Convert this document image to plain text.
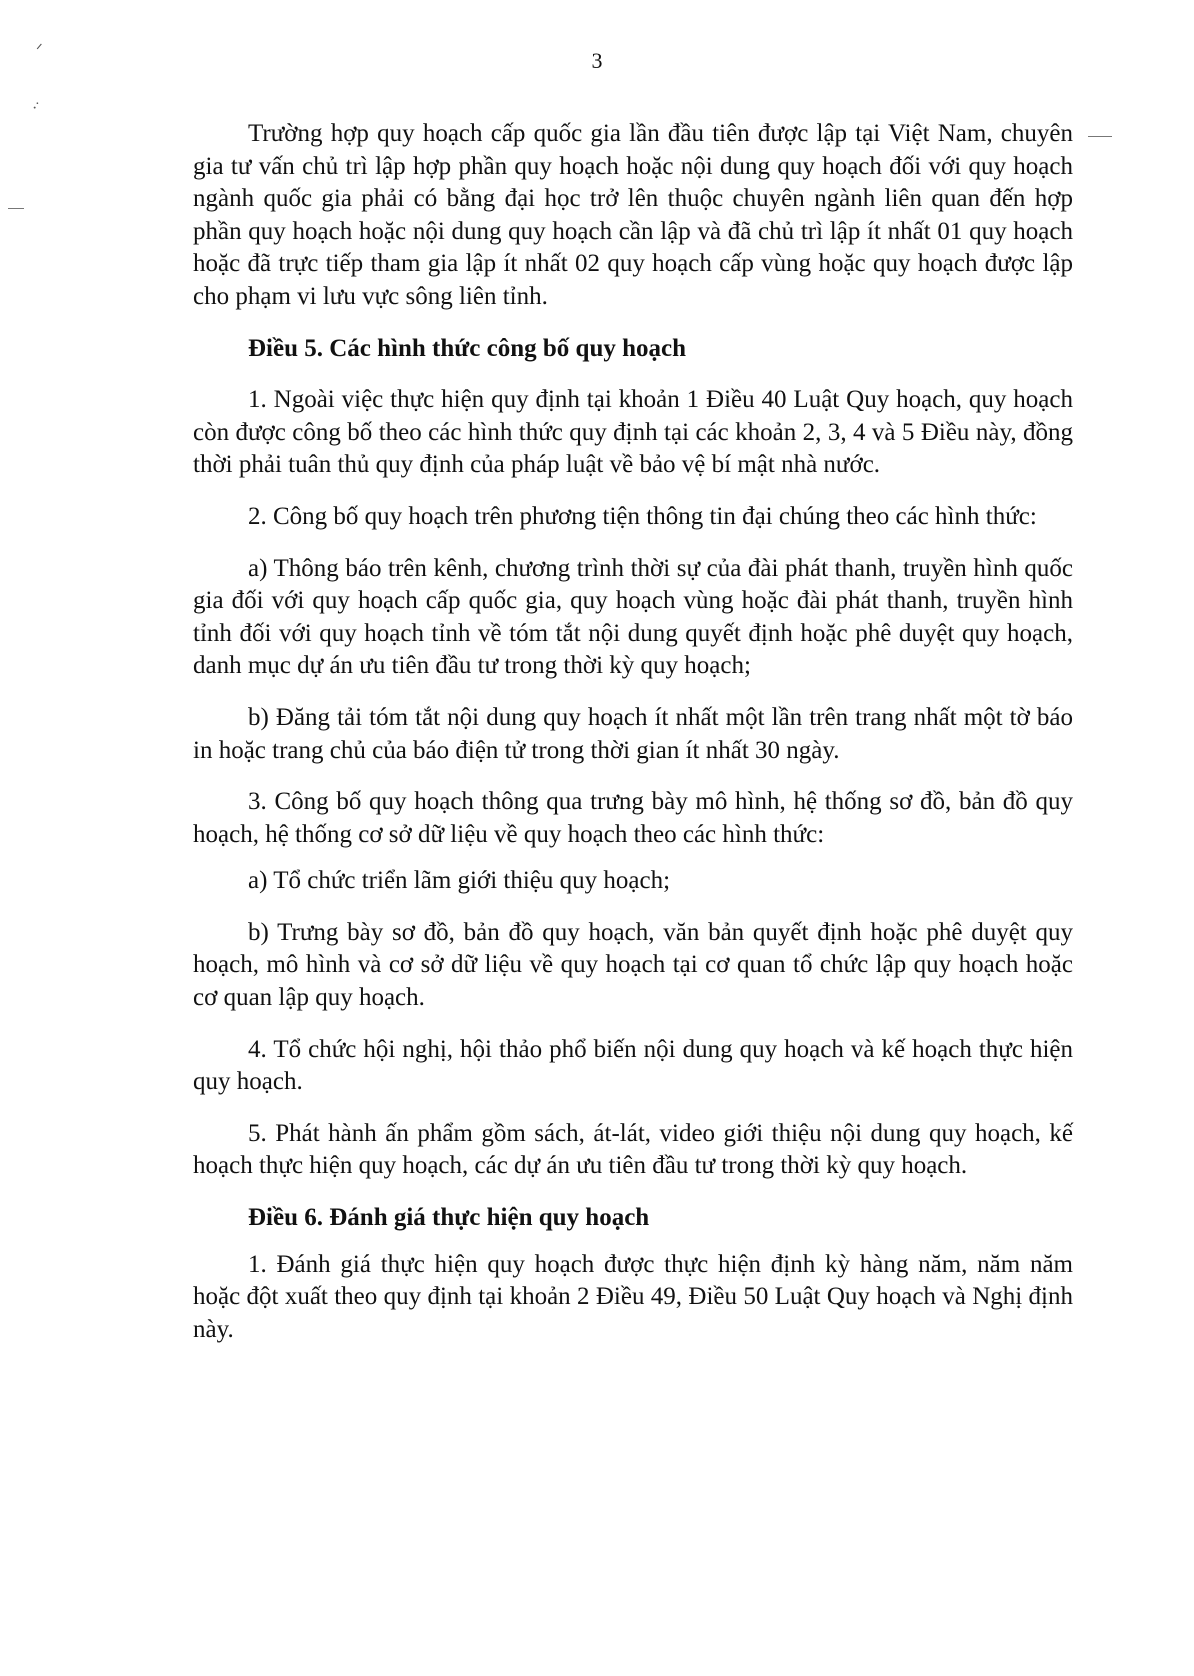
ᐟ
·̇
3

Trường hợp quy hoạch cấp quốc gia lần đầu tiên được lập tại Việt Nam, chuyên gia tư vấn chủ trì lập hợp phần quy hoạch hoặc nội dung quy hoạch đối với quy hoạch ngành quốc gia phải có bằng đại học trở lên thuộc chuyên ngành liên quan đến hợp phần quy hoạch hoặc nội dung quy hoạch cần lập và đã chủ trì lập ít nhất 01 quy hoạch hoặc đã trực tiếp tham gia lập ít nhất 02 quy hoạch cấp vùng hoặc quy hoạch được lập cho phạm vi lưu vực sông liên tỉnh.

Điều 5. Các hình thức công bố quy hoạch

1. Ngoài việc thực hiện quy định tại khoản 1 Điều 40 Luật Quy hoạch, quy hoạch còn được công bố theo các hình thức quy định tại các khoản 2, 3, 4 và 5 Điều này, đồng thời phải tuân thủ quy định của pháp luật về bảo vệ bí mật nhà nước.

2. Công bố quy hoạch trên phương tiện thông tin đại chúng theo các hình thức:

a) Thông báo trên kênh, chương trình thời sự của đài phát thanh, truyền hình quốc gia đối với quy hoạch cấp quốc gia, quy hoạch vùng hoặc đài phát thanh, truyền hình tỉnh đối với quy hoạch tỉnh về tóm tắt nội dung quyết định hoặc phê duyệt quy hoạch, danh mục dự án ưu tiên đầu tư trong thời kỳ quy hoạch;

b) Đăng tải tóm tắt nội dung quy hoạch ít nhất một lần trên trang nhất một tờ báo in hoặc trang chủ của báo điện tử trong thời gian ít nhất 30 ngày.

3. Công bố quy hoạch thông qua trưng bày mô hình, hệ thống sơ đồ, bản đồ quy hoạch, hệ thống cơ sở dữ liệu về quy hoạch theo các hình thức:

a) Tổ chức triển lãm giới thiệu quy hoạch;

b) Trưng bày sơ đồ, bản đồ quy hoạch, văn bản quyết định hoặc phê duyệt quy hoạch, mô hình và cơ sở dữ liệu về quy hoạch tại cơ quan tổ chức lập quy hoạch hoặc cơ quan lập quy hoạch.

4. Tổ chức hội nghị, hội thảo phổ biến nội dung quy hoạch và kế hoạch thực hiện quy hoạch.

5. Phát hành ấn phẩm gồm sách, át-lát, video giới thiệu nội dung quy hoạch, kế hoạch thực hiện quy hoạch, các dự án ưu tiên đầu tư trong thời kỳ quy hoạch.

Điều 6. Đánh giá thực hiện quy hoạch

1. Đánh giá thực hiện quy hoạch được thực hiện định kỳ hàng năm, năm năm hoặc đột xuất theo quy định tại khoản 2 Điều 49, Điều 50 Luật Quy hoạch và Nghị định này.
